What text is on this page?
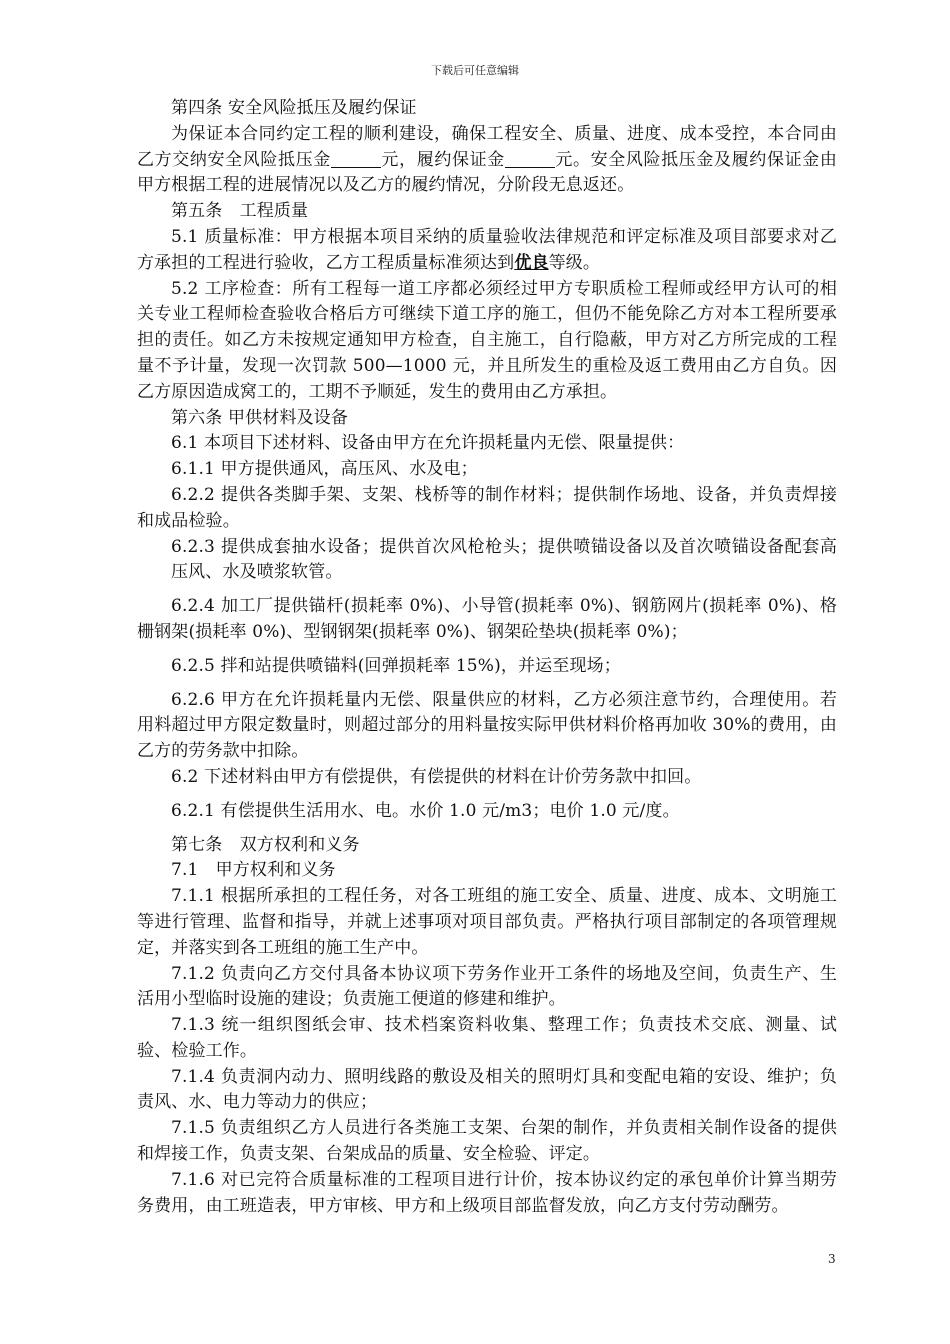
下载后可任意编辑

第四条 安全风险抵压及履约保证

为保证本合同约定工程的顺利建设，确保工程安全、质量、进度、成本受控，本合同由乙方交纳安全风险抵压金	元，履约保证金	元。安全风险抵压金及履约保证金由甲方根据工程的进展情况以及乙方的履约情况，分阶段无息返还。

第五条　工程质量

5.1 质量标准：甲方根据本项目采纳的质量验收法律规范和评定标准及项目部要求对乙方承担的工程进行验收，乙方工程质量标准须达到优良等级。

5.2 工序检查：所有工程每一道工序都必须经过甲方专职质检工程师或经甲方认可的相关专业工程师检查验收合格后方可继续下道工序的施工，但仍不能免除乙方对本工程所要承担的责任。如乙方未按规定通知甲方检查，自主施工，自行隐蔽，甲方对乙方所完成的工程量不予计量，发现一次罚款 500—1000 元，并且所发生的重检及返工费用由乙方自负。因乙方原因造成窝工的，工期不予顺延，发生的费用由乙方承担。

第六条 甲供材料及设备

6.1 本项目下述材料、设备由甲方在允许损耗量内无偿、限量提供：

6.1.1 甲方提供通风，高压风、水及电；

6.2.2 提供各类脚手架、支架、栈桥等的制作材料；提供制作场地、设备，并负责焊接和成品检验。

6.2.3 提供成套抽水设备；提供首次风枪枪头；提供喷锚设备以及首次喷锚设备配套高压风、水及喷浆软管。

6.2.4 加工厂提供锚杆(损耗率 0%)、小导管(损耗率 0%)、钢筋网片(损耗率 0%)、格栅钢架(损耗率 0%)、型钢钢架(损耗率 0%)、钢架砼垫块(损耗率 0%)；

6.2.5 拌和站提供喷锚料(回弹损耗率 15%)，并运至现场；

6.2.6 甲方在允许损耗量内无偿、限量供应的材料，乙方必须注意节约，合理使用。若用料超过甲方限定数量时，则超过部分的用料量按实际甲供材料价格再加收 30%的费用，由乙方的劳务款中扣除。

6.2 下述材料由甲方有偿提供，有偿提供的材料在计价劳务款中扣回。

6.2.1 有偿提供生活用水、电。水价 1.0 元/m3；电价 1.0 元/度。

第七条　双方权利和义务

7.1　甲方权利和义务

7.1.1 根据所承担的工程任务，对各工班组的施工安全、质量、进度、成本、文明施工等进行管理、监督和指导，并就上述事项对项目部负责。严格执行项目部制定的各项管理规定，并落实到各工班组的施工生产中。

7.1.2 负责向乙方交付具备本协议项下劳务作业开工条件的场地及空间，负责生产、生活用小型临时设施的建设；负责施工便道的修建和维护。

7.1.3 统一组织图纸会审、技术档案资料收集、整理工作；负责技术交底、测量、试验、检验工作。

7.1.4 负责洞内动力、照明线路的敷设及相关的照明灯具和变配电箱的安设、维护；负责风、水、电力等动力的供应；

7.1.5 负责组织乙方人员进行各类施工支架、台架的制作，并负责相关制作设备的提供和焊接工作，负责支架、台架成品的质量、安全检验、评定。

7.1.6 对已完符合质量标准的工程项目进行计价，按本协议约定的承包单价计算当期劳务费用，由工班造表，甲方审核、甲方和上级项目部监督发放，向乙方支付劳动酬劳。

3
